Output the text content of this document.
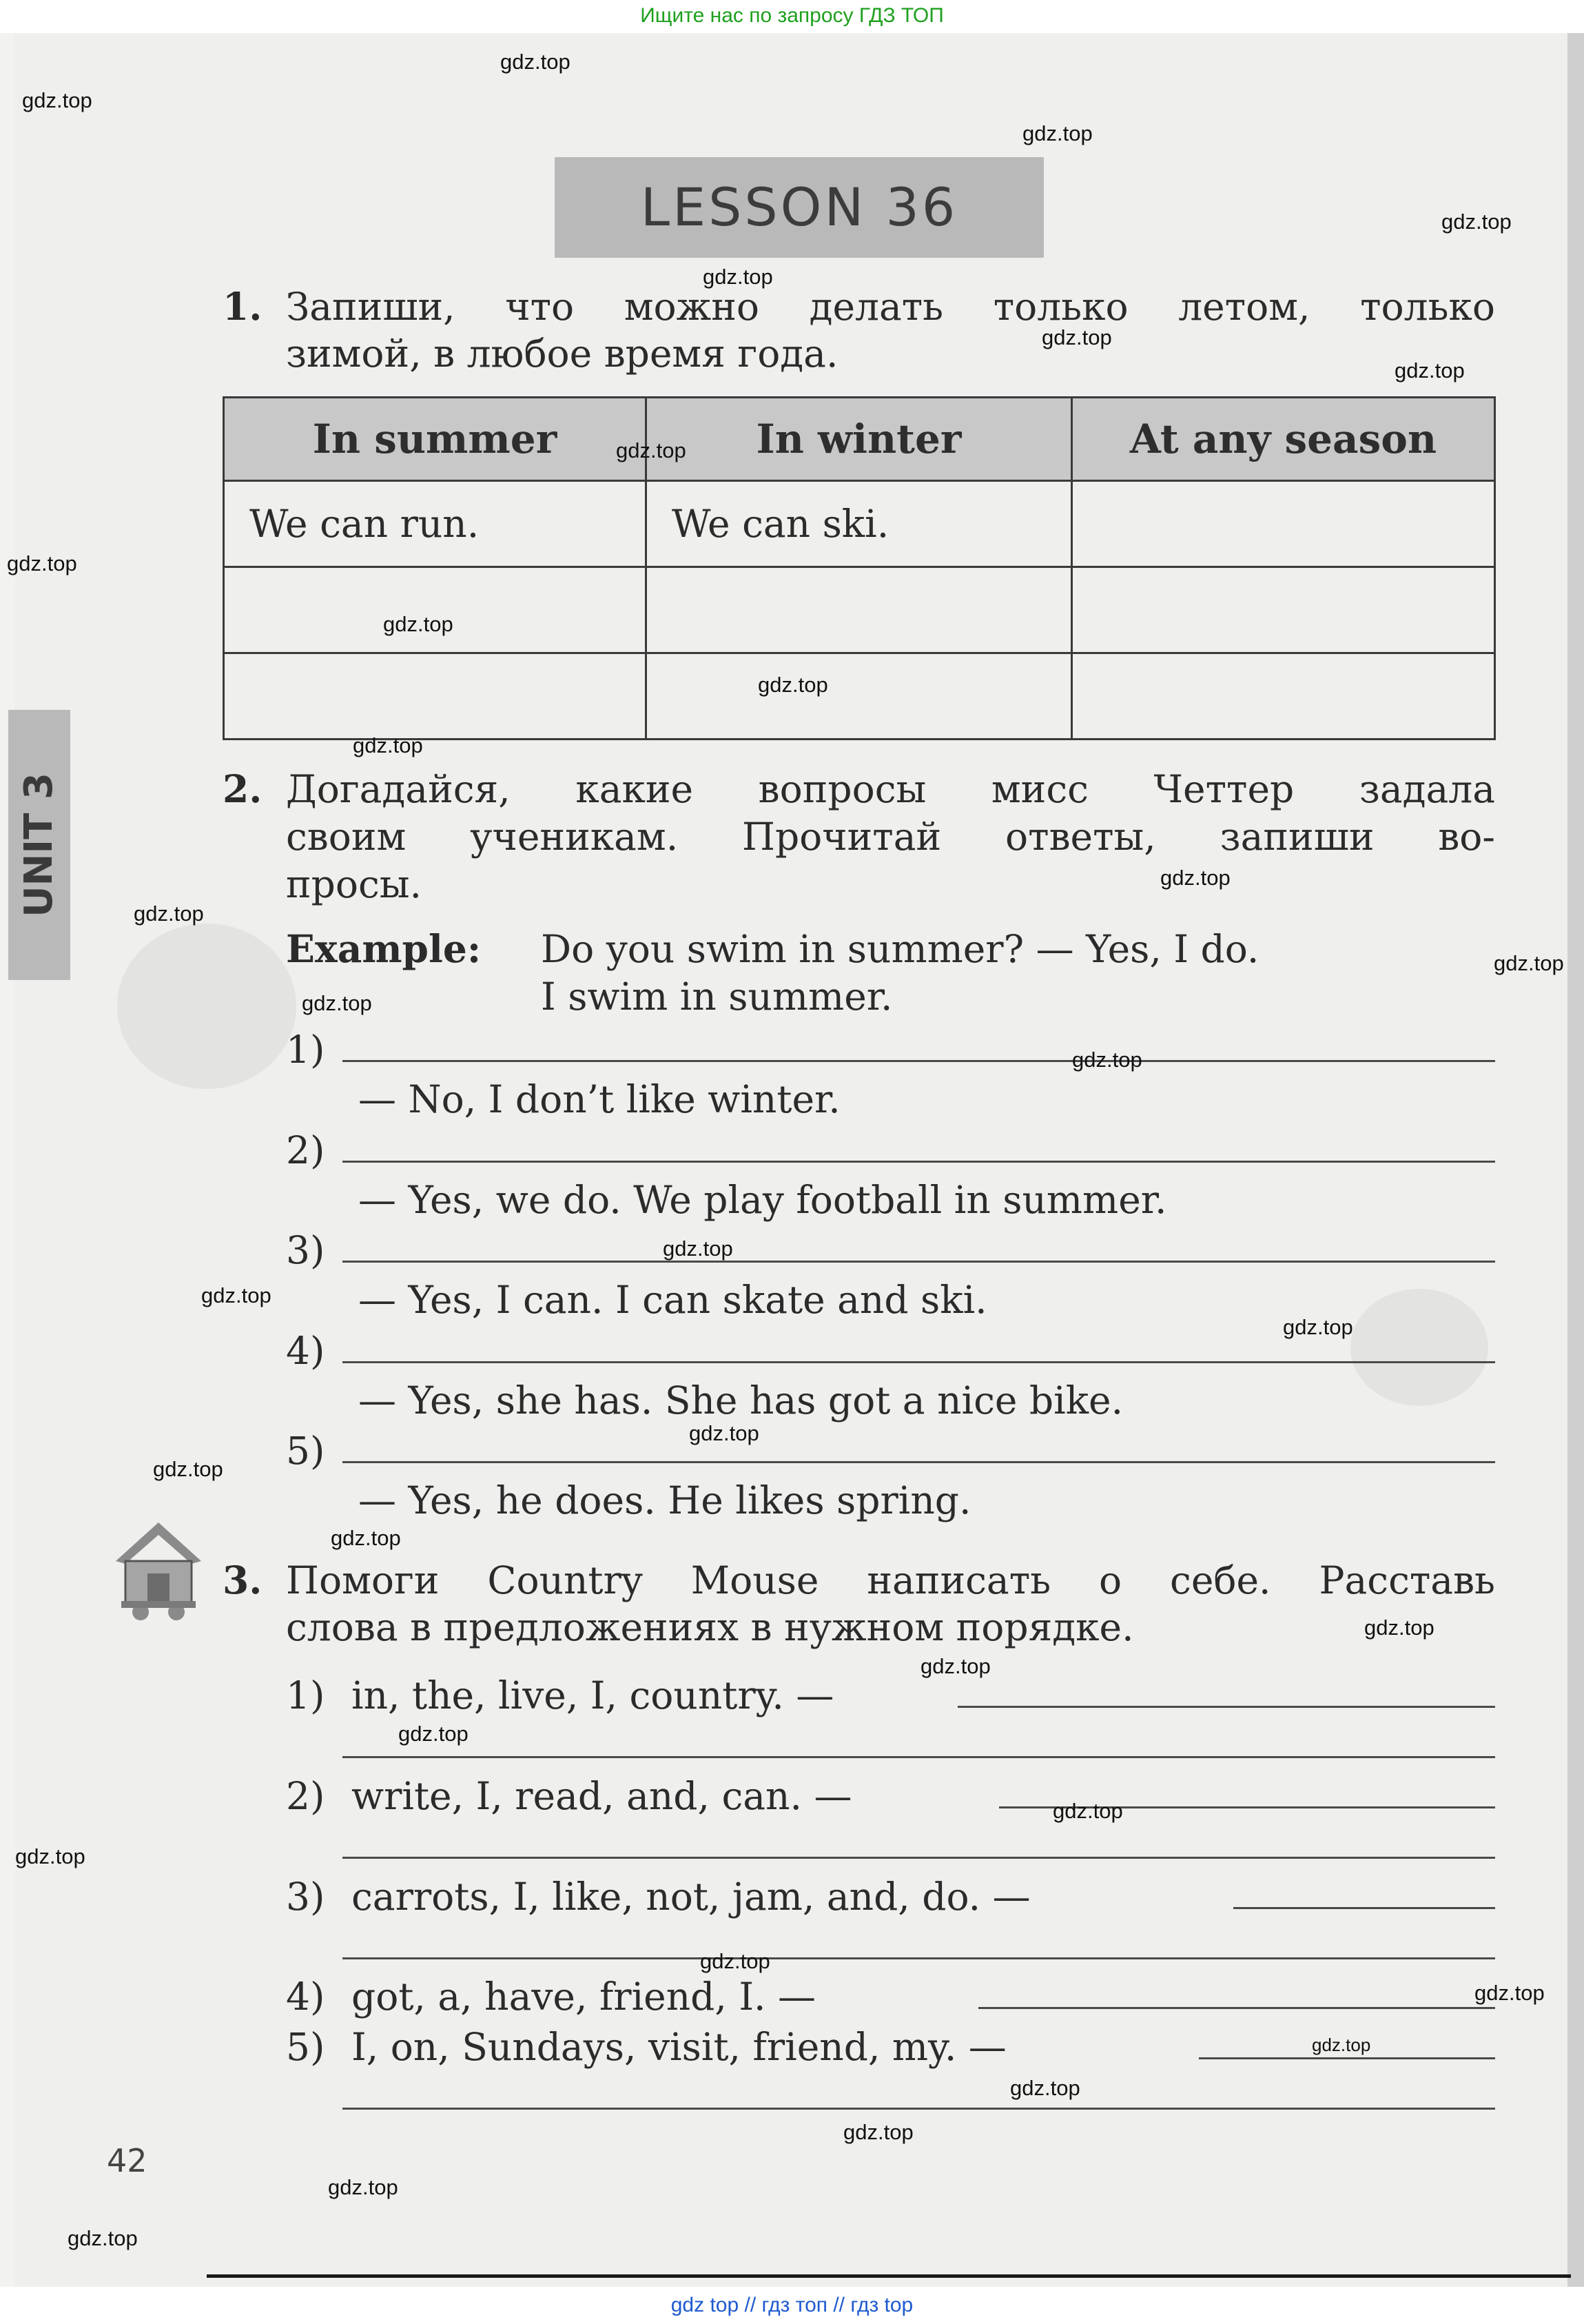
Ищите нас по запросу ГДЗ ТОП
LESSON 36
UNIT 3
1. Запиши, что можно делать только летом, только
зимой, в любое время года.
In summer	In winter	At any season
We can run.	We can ski.	

2. Догадайся, какие вопросы мисс Четтер задала
своим ученикам. Прочитай ответы, запиши во-
просы.
Example: Do you swim in summer? — Yes, I do.
I swim in summer.
1)
— No, I don’t like winter.
2)
— Yes, we do. We play football in summer.
3)
— Yes, I can. I can skate and ski.
4)
— Yes, she has. She has got a nice bike.
5)
— Yes, he does. He likes spring.
3. Помоги Country Mouse написать о себе. Расставь
слова в предложениях в нужном порядке.
1) in, the, live, I, country. —
2) write, I, read, and, can. —
3) carrots, I, like, not, jam, and, do. —
4) got, a, have, friend, I. —
5) I, on, Sundays, visit, friend, my. —
42
gdz.top
gdz.top
gdz.top
gdz.top
gdz.top
gdz.top
gdz.top
gdz.top
gdz.top
gdz.top
gdz.top
gdz.top
gdz.top
gdz.top
gdz.top
gdz.top
gdz.top
gdz.top
gdz.top
gdz.top
gdz.top
gdz.top
gdz.top
gdz.top
gdz.top
gdz.top
gdz.top
gdz.top
gdz.top
gdz.top
gdz.top
gdz.top
gdz.top
gdz.top
gdz.top
gdz top // гдз топ // гдз top
